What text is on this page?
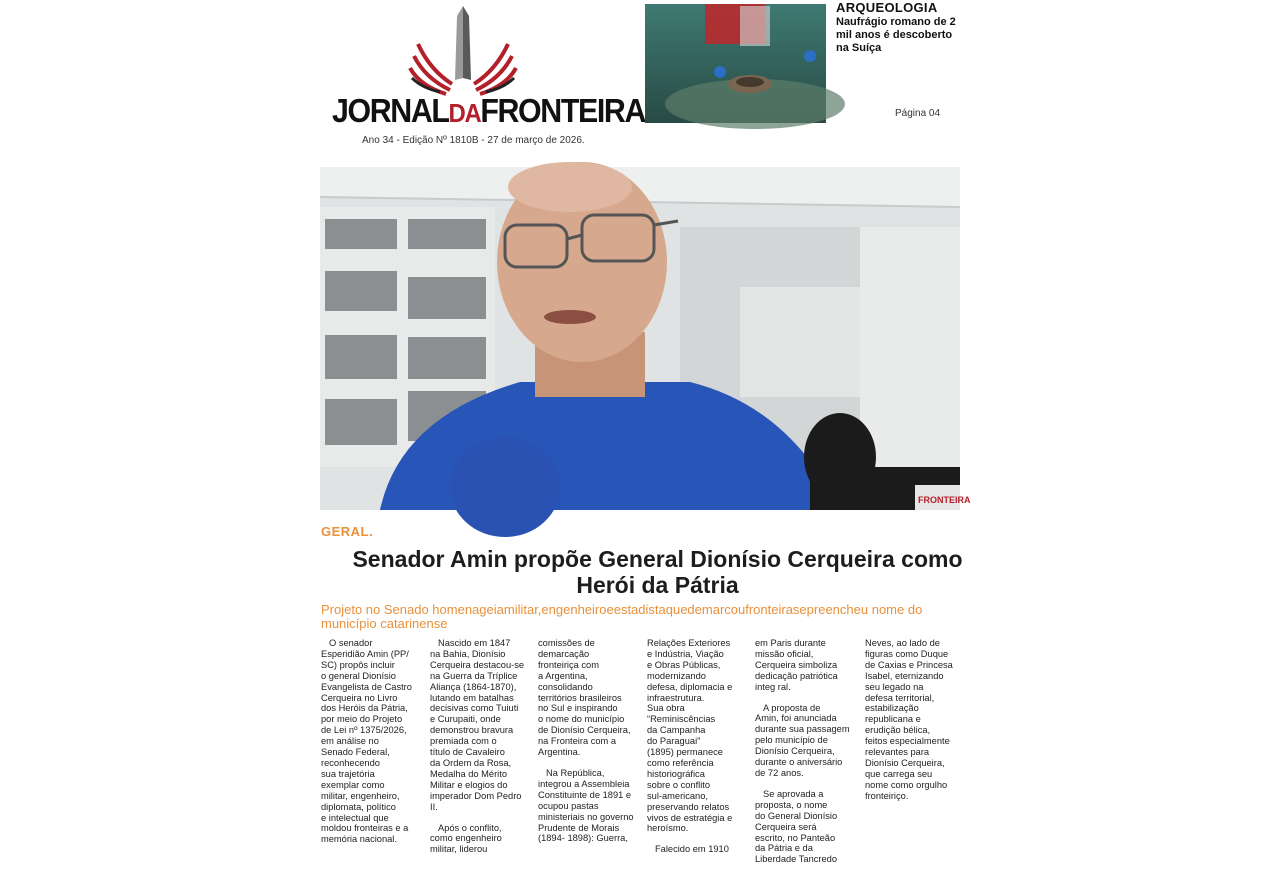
JORNALDAFRONTEIRA
Ano 34 - Edição Nº 1810B - 27 de março de 2026.
ARQUEOLOGIA
Naufrágio romano de 2 mil anos é descoberto na Suíça
Página 04
FRONTEIRA
GERAL.
Senador Amin propõe General Dionísio Cerqueira como Herói da Pátria
Projeto no Senado homenageiamilitar,engenheiroeestadistaquedemarcoufronteirasepreencheu nome do município catarinense

O senador
Esperidião Amin (PP/
SC) propôs incluir
o general Dionísio
Evangelista de Castro
Cerqueira no Livro
dos Heróis da Pátria,
por meio do Projeto
de Lei nº 1375/2026,
em análise no
Senado Federal,
reconhecendo
sua trajetória
exemplar como
militar, engenheiro,
diplomata, político
e intelectual que
moldou fronteiras e a
memória nacional.

Nascido em 1847
na Bahia, Dionísio
Cerqueira destacou-se
na Guerra da Tríplice
Aliança (1864-1870),
lutando em batalhas
decisivas como Tuiuti
e Curupaiti, onde
demonstrou bravura
premiada com o
título de Cavaleiro
da Ordem da Rosa,
Medalha do Mérito
Militar e elogios do
imperador Dom Pedro
II.

Após o conflito,
como engenheiro
militar, liderou

comissões de
demarcação
fronteiriça com
a Argentina,
consolidando
territórios brasileiros
no Sul e inspirando
o nome do município
de Dionísio Cerqueira,
na Fronteira com a
Argentina.

Na República,
integrou a Assembleia
Constituinte de 1891 e
ocupou pastas
ministeriais no governo
Prudente de Morais
(1894- 1898): Guerra,

Relações Exteriores
e Indústria, Viação
e Obras Públicas,
modernizando
defesa, diplomacia e
infraestrutura.
Sua obra
“Reminiscências
da Campanha
do Paraguai”
(1895) permanece
como referência
historiográfica
sobre o conflito
sul-americano,
preservando relatos
vivos de estratégia e
heroísmo.

Falecido em 1910

em Paris durante
missão oficial,
Cerqueira simboliza
dedicação patriótica
integ ral.

A proposta de
Amin, foi anunciada
durante sua passagem
pelo município de
Dionísio Cerqueira,
durante o aniversário
de 72 anos.

Se aprovada a
proposta, o nome
do General Dionísio
Cerqueira será
escrito, no Panteão
da Pátria e da
Liberdade Tancredo

Neves, ao lado de
figuras como Duque
de Caxias e Princesa
Isabel, eternizando
seu legado na
defesa territorial,
estabilização
republicana e
erudição bélica,
feitos especialmente
relevantes para
Dionísio Cerqueira,
que carrega seu
nome como orgulho
fronteiriço.
